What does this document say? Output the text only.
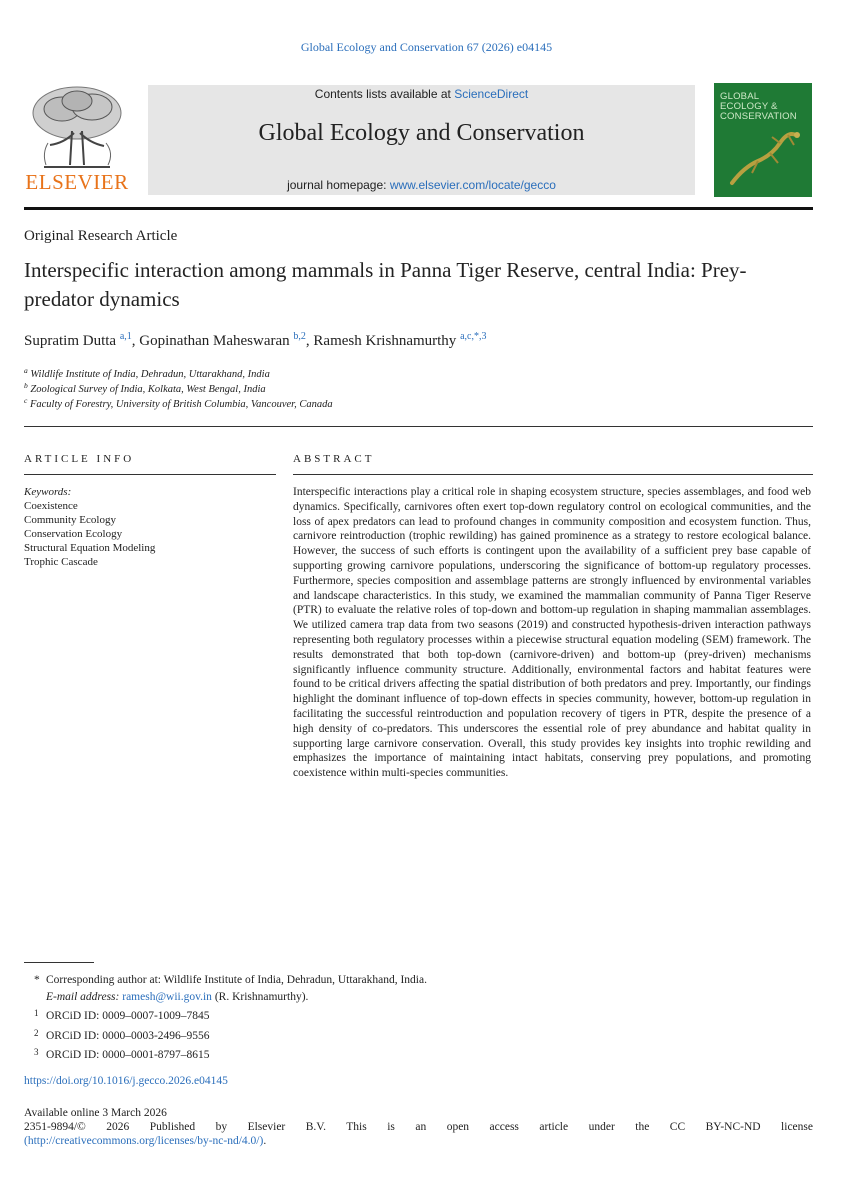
Global Ecology and Conservation 67 (2026) e04145
Contents lists available at ScienceDirect
Global Ecology and Conservation
journal homepage: www.elsevier.com/locate/gecco
ELSEVIER
GLOBAL
ECOLOGY &
CONSERVATION
Original Research Article
Interspecific interaction among mammals in Panna Tiger Reserve, central India: Prey-predator dynamics
Supratim Dutta $^{a,1}$, Gopinathan Maheswaran $^{b,2}$, Ramesh Krishnamurthy $^{a,c,*,3}$
$^a$ Wildlife Institute of India, Dehradun, Uttarakhand, India
$^b$ Zoological Survey of India, Kolkata, West Bengal, India
$^c$ Faculty of Forestry, University of British Columbia, Vancouver, Canada
ARTICLE INFO	ABSTRACT
Keywords:
Coexistence
Community Ecology
Conservation Ecology
Structural Equation Modeling
Trophic Cascade
Interspecific interactions play a critical role in shaping ecosystem structure, species assemblages, and food web dynamics. Specifically, carnivores often exert top-down regulatory control on ecological communities, and the loss of apex predators can lead to profound changes in community composition and ecosystem function. Thus, carnivore reintroduction (trophic rewilding) has gained prominence as a strategy to restore ecological balance. However, the success of such efforts is contingent upon the availability of a sufficient prey base capable of supporting growing carnivore populations, underscoring the significance of bottom-up regulatory processes. Furthermore, species composition and assemblage patterns are strongly influenced by environmental variables and landscape characteristics. In this study, we examined the mammalian community of Panna Tiger Reserve (PTR) to evaluate the relative roles of top-down and bottom-up regulation in shaping mammalian assemblages. We utilized camera trap data from two seasons (2019) and constructed hypothesis-driven interaction pathways representing both regulatory processes within a piecewise structural equation modeling (SEM) framework. The results demonstrated that both top-down (carnivore-driven) and bottom-up (prey-driven) mechanisms significantly influence community structure. Additionally, environmental factors and habitat features were found to be critical drivers affecting the spatial distribution of both predators and prey. Importantly, our findings highlight the dominant influence of top-down effects in species community, however, bottom-up regulation in facilitating the successful reintroduction and population recovery of tigers in PTR, despite the presence of a high density of co-predators. This underscores the essential role of prey abundance and habitat quality in supporting large carnivore conservation. Overall, this study provides key insights into trophic rewilding and emphasizes the importance of maintaining intact habitats, conserving prey populations, and promoting coexistence within multi-species communities.
* Corresponding author at: Wildlife Institute of India, Dehradun, Uttarakhand, India.
E-mail address: ramesh@wii.gov.in (R. Krishnamurthy).
1 ORCiD ID: 0009–0007-1009–7845
2 ORCiD ID: 0000–0003-2496–9556
3 ORCiD ID: 0000–0001-8797–8615
https://doi.org/10.1016/j.gecco.2026.e04145
Available online 3 March 2026
2351-9894/© 2026 Published by Elsevier B.V. This is an open access article under the CC BY-NC-ND license
(http://creativecommons.org/licenses/by-nc-nd/4.0/).
